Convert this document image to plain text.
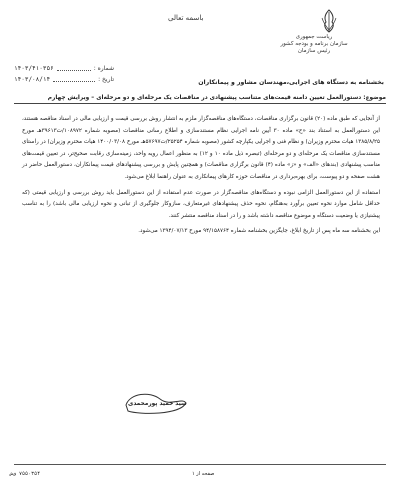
باسمه تعالی
ریاست جمهوری
سازمان برنامه و بودجه کشور
رئیس سازمان
شماره :
۱۴۰۳/۴۱۰۳۵۶
تاریخ :
۱۴۰۳/۰۸/۱۴	بخشنامه به دستگاه های اجرایی،مهندسان مشاور و پیمانکاران
موضوع: دستورالعمل تعیین دامنه قیمت‌های متناسب پیشنهادی در مناقصات یک مرحله‌ای و دو مرحله‌ای – ویرایش چهارم

از آنجایی که طبق ماده (۲۰) قانون برگزاری مناقصات، دستگاه‌های مناقصه‌گزار ملزم به انتشار روش بررسی قیمت و ارزیابی مالی در اسناد مناقصه هستند، این دستورالعمل به استناد بند «ح» ماده ۳۰ آیین نامه اجرایی نظام مستندسازی و اطلاع رسانی مناقصات (مصوبه شماره ۱۰۸۹۷۲/ت۳۹۶۱۳هـ مورخ ۱۳۸۵/۸/۲۵ هیات محترم وزیران) و نظام فنی و اجرایی یکپارچه کشور (مصوبه شماره ۲۵۲۵۴/ت۵۷۶۹۷هـ مورخ ۱۴۰۰/۰۳/۰۸ هیات محترم وزیران) در راستای مستندسازی مناقصات یک مرحله‌ای و دو مرحله‌ای (تبصره ذیل ماده ۱۰ و ۱۲) به منظور اعمال رویه واحد، زمینه‌سازی رقابت صحیح‌تر، در تعیین قیمت‌های مناسب پیشنهادی (بندهای «الف» و «ز» ماده (۴) قانون برگزاری مناقصات) و همچنین پایش و بررسی پیشنهادهای قیمت پیمانکاران، دستورالعمل حاضر در هشت صفحه و دو پیوست، برای بهره‌برداری در مناقصات حوزه کارهای پیمانکاری به عنوان راهنما ابلاغ می‌شود.

استفاده از این دستورالعمل الزامی نبوده و دستگاه‌های مناقصه‌گزار در صورت عدم استفاده از این دستورالعمل باید روش بررسی و ارزیابی قیمتی (که حداقل شامل موارد نحوه تعیین برآورد به‌هنگام، نحوه حذف پیشنهادهای غیرمتعارف، سازوکار جلوگیری از تبانی و نحوه ارزیابی مالی باشد) را به تناسب پیشنیازی یا وضعیت دستگاه و موضوع مناقصه داشته باشد و را در اسناد مناقصه منتشر کنند.

این بخشنامه سه ماه پس از تاریخ ابلاغ، جایگزین بخشنامه شماره ۹۴/۱۵۸۷۶۴ مورخ ۱۳۹۴/۰۷/۱۳ می‌شود.

سید حمید پورمحمدی
۷۵۵۰۳۵۴ ف‌ش	صفحه از ۱
